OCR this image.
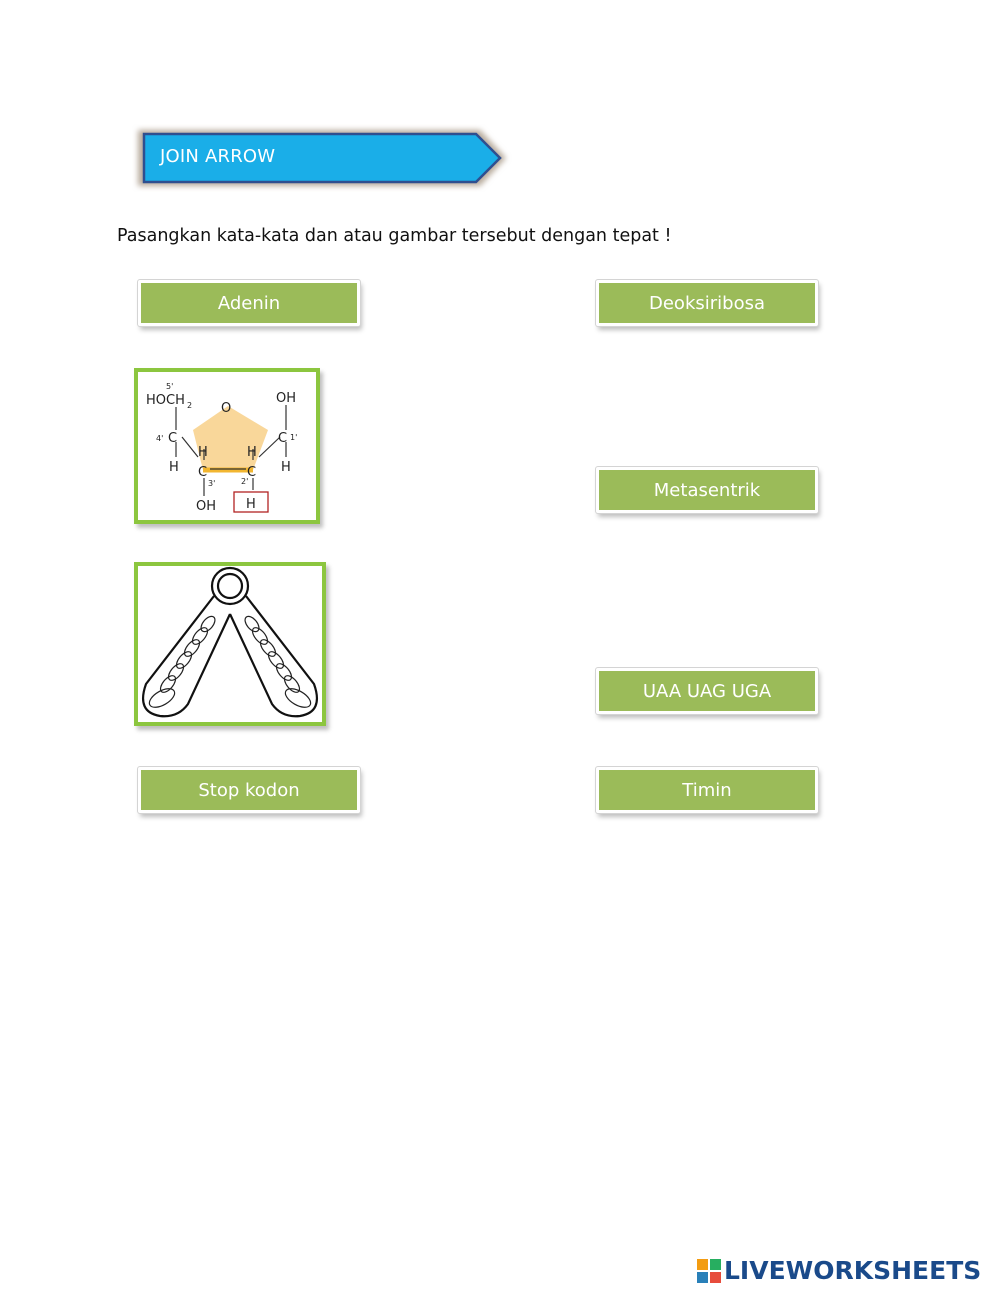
JOIN ARROW
Pasangkan kata-kata dan atau gambar tersebut dengan tepat !
Adenin
5'
HOCH 2 O
OH
4' C	C 1'
H
H	H
C	C H
3'	2'
OH H
Stop kodon
Deoksiribosa
Metasentrik
UAA UAG UGA
Timin
LIVEWORKSHEETS
